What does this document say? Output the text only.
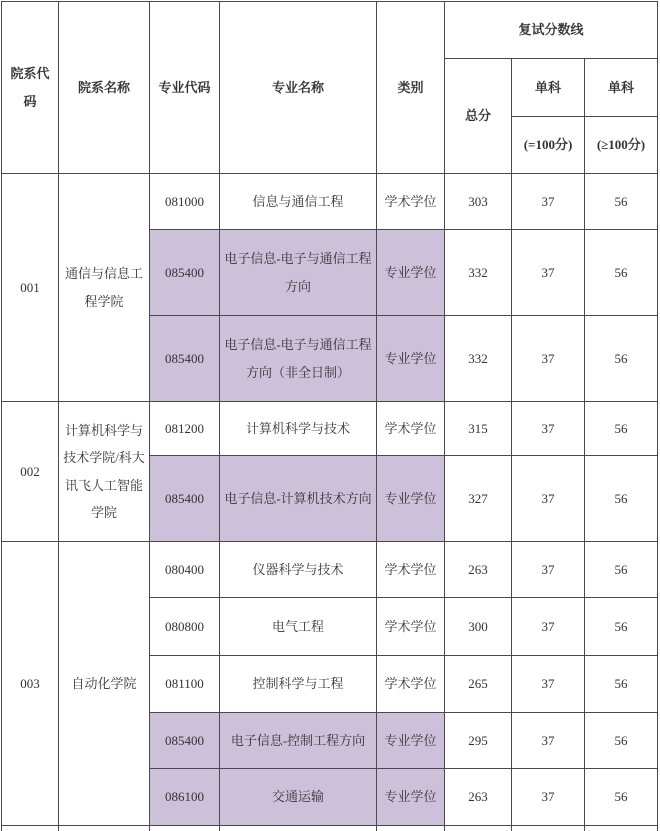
院系代码	院系名称	专业代码	专业名称	类别	复试分数线		
					总分	单科	单科
						(=100分)	(≥100分)
001	通信与信息工程学院	081000	信息与通信工程	学术学位	303	37	56
		085400	电子信息-电子与通信工程方向	专业学位	332	37	56
		085400	电子信息-电子与通信工程方向（非全日制）	专业学位	332	37	56
002	计算机科学与技术学院/科大讯飞人工智能学院	081200	计算机科学与技术	学术学位	315	37	56
		085400	电子信息-计算机技术方向	专业学位	327	37	56
003	自动化学院	080400	仪器科学与技术	学术学位	263	37	56
		080800	电气工程	学术学位	300	37	56
		081100	控制科学与工程	学术学位	265	37	56
		085400	电子信息-控制工程方向	专业学位	295	37	56
		086100	交通运输	专业学位	263	37	56
